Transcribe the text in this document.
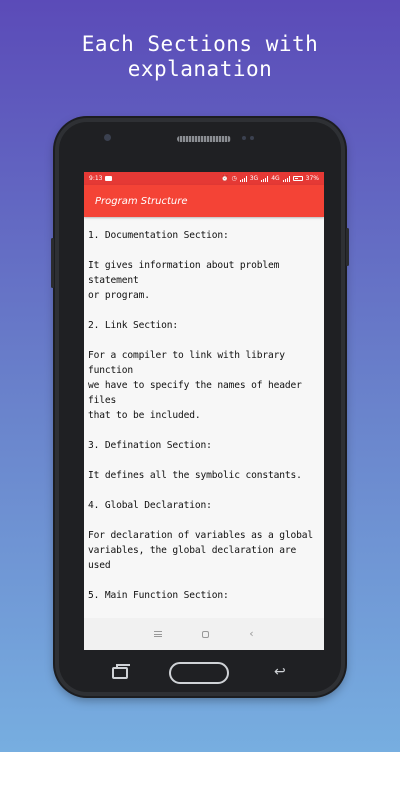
Each Sections with
explanation
9:13	⏰ ◷ 3G 4G	37%
Program Structure

1. Documentation Section:

It gives information about problem statement
or program.

2. Link Section:

For a compiler to link with library function
we have to specify the names of header files
that to be included.

3. Defination Section:

It defines all the symbolic constants.

4. Global Declaration:

For declaration of variables as a global
variables, the global declaration are used

5. Main Function Section:

‹
↩
